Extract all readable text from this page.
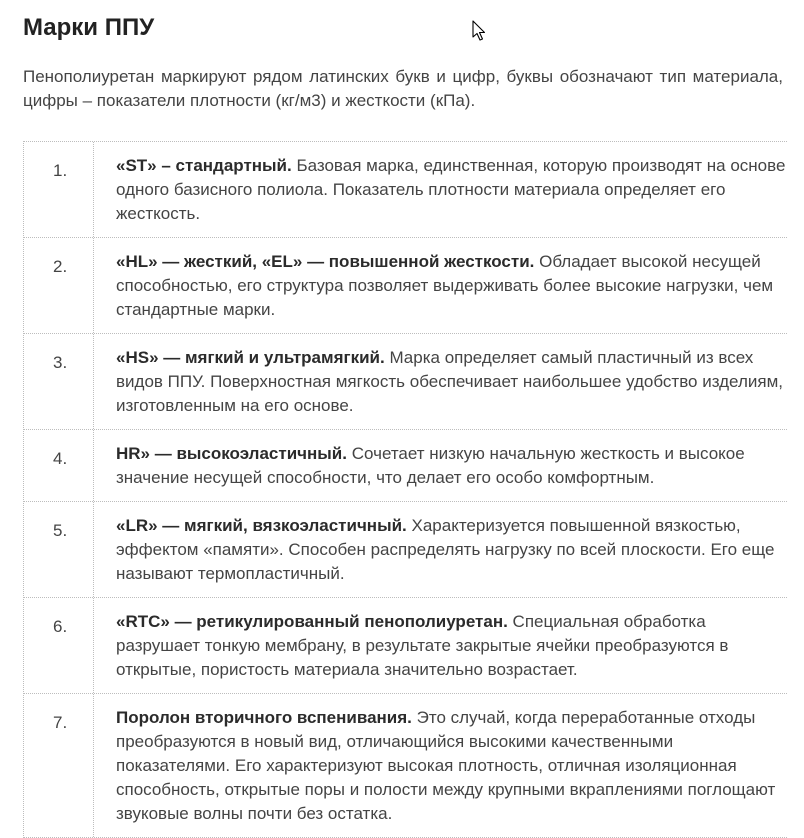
Марки ППУ

Пенополиуретан маркируют рядом латинских букв и цифр, буквы обозначают тип материала, цифры – показатели плотности (кг/м3) и жесткости (кПа).

1.	«ST» – стандартный. Базовая марка, единственная, которую производят на основе одного базисного полиола. Показатель плотности материала определяет его жесткость.
2.	«HL» — жесткий, «EL» — повышенной жесткости. Обладает высокой несущей способностью, его структура позволяет выдерживать более высокие нагрузки, чем стандартные марки.
3.	«HS» — мягкий и ультрамягкий. Марка определяет самый пластичный из всех видов ППУ. Поверхностная мягкость обеспечивает наибольшее удобство изделиям, изготовленным на его основе.
4.	HR» — высокоэластичный. Сочетает низкую начальную жесткость и высокое значение несущей способности, что делает его особо комфортным.
5.	«LR» — мягкий, вязкоэластичный. Характеризуется повышенной вязкостью, эффектом «памяти». Способен распределять нагрузку по всей плоскости. Его еще называют термопластичный.
6.	«RTC» — ретикулированный пенополиуретан. Специальная обработка разрушает тонкую мембрану, в результате закрытые ячейки преобразуются в открытые, пористость материала значительно возрастает.
7.	Поролон вторичного вспенивания. Это случай, когда переработанные отходы преобразуются в новый вид, отличающийся высокими качественными показателями. Его характеризуют высокая плотность, отличная изоляционная способность, открытые поры и полости между крупными вкраплениями поглощают звуковые волны почти без остатка.
